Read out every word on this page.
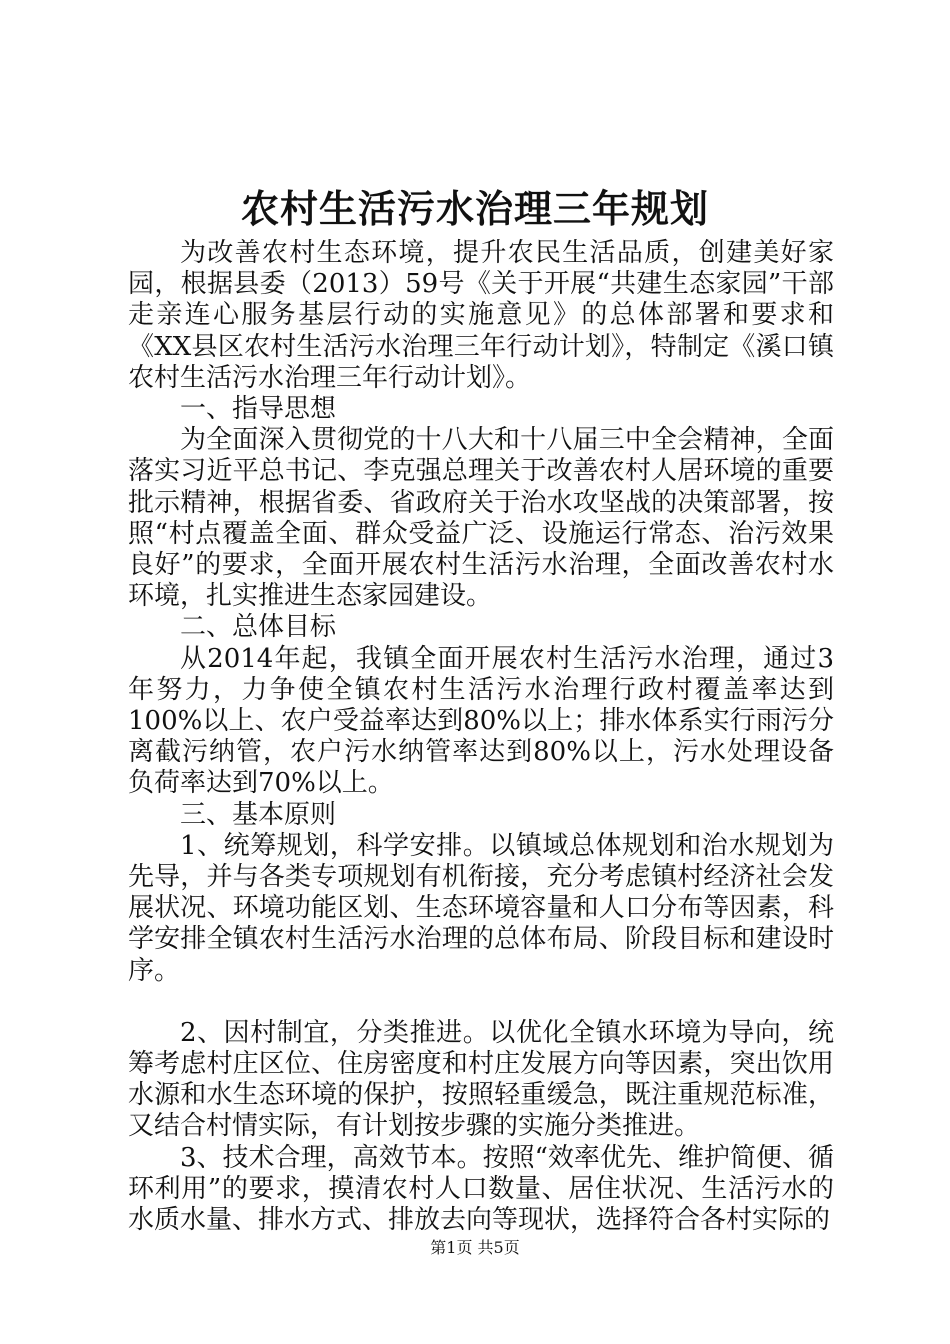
农村生活污水治理三年规划

为改善农村生态环境，提升农民生活品质，创建美好家园，根据县委（2013）59号《关于开展“共建生态家园”干部走亲连心服务基层行动的实施意见》的总体部署和要求和《XX县区农村生活污水治理三年行动计划》，特制定《溪口镇农村生活污水治理三年行动计划》。

一、指导思想

为全面深入贯彻党的十八大和十八届三中全会精神，全面落实习近平总书记、李克强总理关于改善农村人居环境的重要批示精神，根据省委、省政府关于治水攻坚战的决策部署，按照“村点覆盖全面、群众受益广泛、设施运行常态、治污效果良好”的要求，全面开展农村生活污水治理，全面改善农村水环境，扎实推进生态家园建设。

二、总体目标

从2014年起，我镇全面开展农村生活污水治理，通过3年努力，力争使全镇农村生活污水治理行政村覆盖率达到100%以上、农户受益率达到80%以上；排水体系实行雨污分离截污纳管，农户污水纳管率达到80%以上，污水处理设备负荷率达到70%以上。

三、基本原则

1、统筹规划，科学安排。以镇域总体规划和治水规划为先导，并与各类专项规划有机衔接，充分考虑镇村经济社会发展状况、环境功能区划、生态环境容量和人口分布等因素，科学安排全镇农村生活污水治理的总体布局、阶段目标和建设时序。

2、因村制宜，分类推进。以优化全镇水环境为导向，统筹考虑村庄区位、住房密度和村庄发展方向等因素，突出饮用水源和水生态环境的保护，按照轻重缓急，既注重规范标准，又结合村情实际，有计划按步骤的实施分类推进。

3、技术合理，高效节本。按照“效率优先、维护简便、循环利用”的要求，摸清农村人口数量、居住状况、生活污水的水质水量、排水方式、排放去向等现状，选择符合各村实际的

第1页 共5页
